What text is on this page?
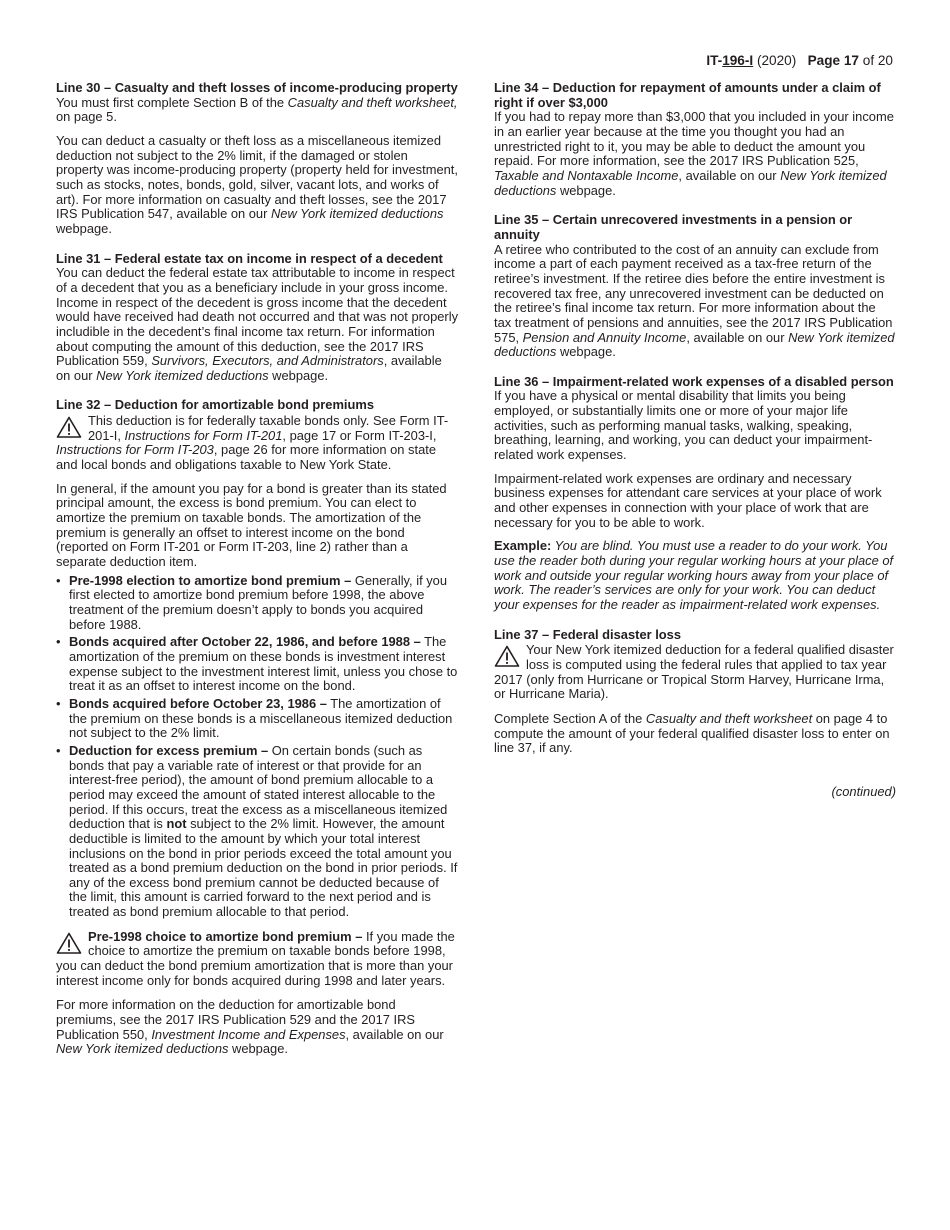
IT-196-I (2020) Page 17 of 20
Line 30 – Casualty and theft losses of income-producing property

You must first complete Section B of the Casualty and theft worksheet, on page 5.

You can deduct a casualty or theft loss as a miscellaneous itemized deduction not subject to the 2% limit, if the damaged or stolen property was income-producing property (property held for investment, such as stocks, notes, bonds, gold, silver, vacant lots, and works of art). For more information on casualty and theft losses, see the 2017 IRS Publication 547, available on our New York itemized deductions webpage.

Line 31 – Federal estate tax on income in respect of a decedent

You can deduct the federal estate tax attributable to income in respect of a decedent that you as a beneficiary include in your gross income. Income in respect of the decedent is gross income that the decedent would have received had death not occurred and that was not properly includible in the decedent’s final income tax return. For information about computing the amount of this deduction, see the 2017 IRS Publication 559, Survivors, Executors, and Administrators, available on our New York itemized deductions webpage.

Line 32 – Deduction for amortizable bond premiums

This deduction is for federally taxable bonds only. See Form IT-201-I, Instructions for Form IT-201, page 17 or Form IT-203-I, Instructions for Form IT-203, page 26 for more information on state and local bonds and obligations taxable to New York State.

In general, if the amount you pay for a bond is greater than its stated principal amount, the excess is bond premium. You can elect to amortize the premium on taxable bonds. The amortization of the premium is generally an offset to interest income on the bond (reported on Form IT-201 or Form IT-203, line 2) rather than a separate deduction item.

• Pre-1998 election to amortize bond premium – Generally, if you first elected to amortize bond premium before 1998, the above treatment of the premium doesn’t apply to bonds you acquired before 1988.

• Bonds acquired after October 22, 1986, and before 1988 – The amortization of the premium on these bonds is investment interest expense subject to the investment interest limit, unless you chose to treat it as an offset to interest income on the bond.

• Bonds acquired before October 23, 1986 – The amortization of the premium on these bonds is a miscellaneous itemized deduction not subject to the 2% limit.

• Deduction for excess premium – On certain bonds (such as bonds that pay a variable rate of interest or that provide for an interest-free period), the amount of bond premium allocable to a period may exceed the amount of stated interest allocable to the period. If this occurs, treat the excess as a miscellaneous itemized deduction that is not subject to the 2% limit. However, the amount deductible is limited to the amount by which your total interest inclusions on the bond in prior periods exceed the total amount you treated as a bond premium deduction on the bond in prior periods. If any of the excess bond premium cannot be deducted because of the limit, this amount is carried forward to the next period and is treated as bond premium allocable to that period.

Pre-1998 choice to amortize bond premium – If you made the choice to amortize the premium on taxable bonds before 1998, you can deduct the bond premium amortization that is more than your interest income only for bonds acquired during 1998 and later years.

For more information on the deduction for amortizable bond premiums, see the 2017 IRS Publication 529 and the 2017 IRS Publication 550, Investment Income and Expenses, available on our New York itemized deductions webpage.

Line 34 – Deduction for repayment of amounts under a claim of right if over $3,000

If you had to repay more than $3,000 that you included in your income in an earlier year because at the time you thought you had an unrestricted right to it, you may be able to deduct the amount you repaid. For more information, see the 2017 IRS Publication 525, Taxable and Nontaxable Income, available on our New York itemized deductions webpage.

Line 35 – Certain unrecovered investments in a pension or annuity

A retiree who contributed to the cost of an annuity can exclude from income a part of each payment received as a tax-free return of the retiree’s investment. If the retiree dies before the entire investment is recovered tax free, any unrecovered investment can be deducted on the retiree’s final income tax return. For more information about the tax treatment of pensions and annuities, see the 2017 IRS Publication 575, Pension and Annuity Income, available on our New York itemized deductions webpage.

Line 36 – Impairment-related work expenses of a disabled person

If you have a physical or mental disability that limits you being employed, or substantially limits one or more of your major life activities, such as performing manual tasks, walking, speaking, breathing, learning, and working, you can deduct your impairment-related work expenses.

Impairment-related work expenses are ordinary and necessary business expenses for attendant care services at your place of work and other expenses in connection with your place of work that are necessary for you to be able to work.

Example: You are blind. You must use a reader to do your work. You use the reader both during your regular working hours at your place of work and outside your regular working hours away from your place of work. The reader’s services are only for your work. You can deduct your expenses for the reader as impairment-related work expenses.

Line 37 – Federal disaster loss

Your New York itemized deduction for a federal qualified disaster loss is computed using the federal rules that applied to tax year 2017 (only from Hurricane or Tropical Storm Harvey, Hurricane Irma, or Hurricane Maria).

Complete Section A of the Casualty and theft worksheet on page 4 to compute the amount of your federal qualified disaster loss to enter on line 37, if any.

(continued)
